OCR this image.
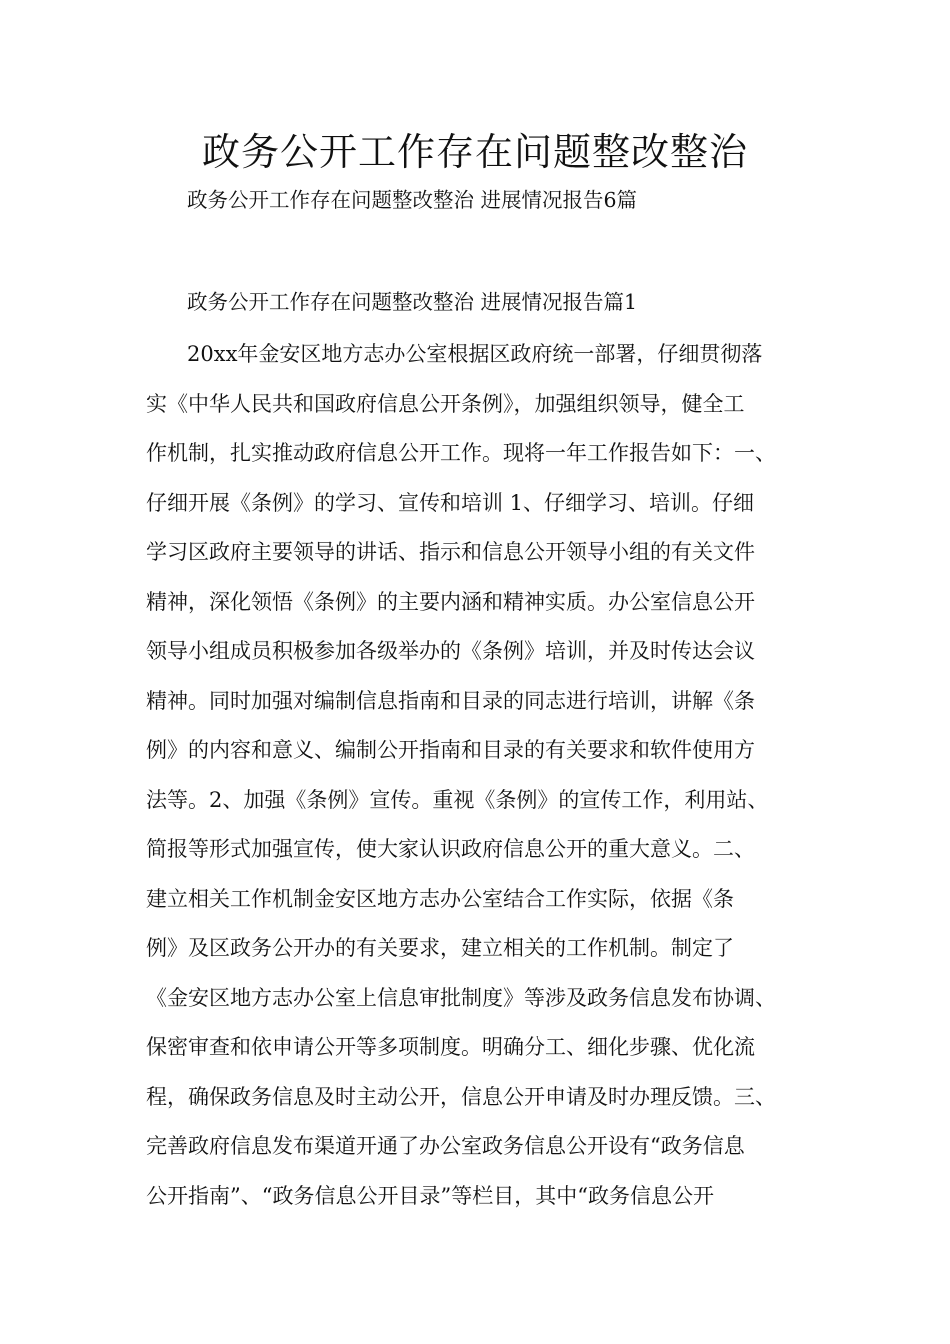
政务公开工作存在问题整改整治
政务公开工作存在问题整改整治 进展情况报告6篇
政务公开工作存在问题整改整治 进展情况报告篇1
20xx年金安区地方志办公室根据区政府统一部署，仔细贯彻落
实《中华人民共和国政府信息公开条例》，加强组织领导，健全工
作机制，扎实推动政府信息公开工作。现将一年工作报告如下：一、
仔细开展《条例》的学习、宣传和培训 1、仔细学习、培训。仔细
学习区政府主要领导的讲话、指示和信息公开领导小组的有关文件
精神，深化领悟《条例》的主要内涵和精神实质。办公室信息公开
领导小组成员积极参加各级举办的《条例》培训，并及时传达会议
精神。同时加强对编制信息指南和目录的同志进行培训，讲解《条
例》的内容和意义、编制公开指南和目录的有关要求和软件使用方
法等。2、加强《条例》宣传。重视《条例》的宣传工作，利用站、
简报等形式加强宣传，使大家认识政府信息公开的重大意义。二、
建立相关工作机制金安区地方志办公室结合工作实际，依据《条
例》及区政务公开办的有关要求，建立相关的工作机制。制定了
《金安区地方志办公室上信息审批制度》等涉及政务信息发布协调、
保密审查和依申请公开等多项制度。明确分工、细化步骤、优化流
程，确保政务信息及时主动公开，信息公开申请及时办理反馈。三、
完善政府信息发布渠道开通了办公室政务信息公开设有“政务信息
公开指南”、“政务信息公开目录”等栏目，其中“政务信息公开
